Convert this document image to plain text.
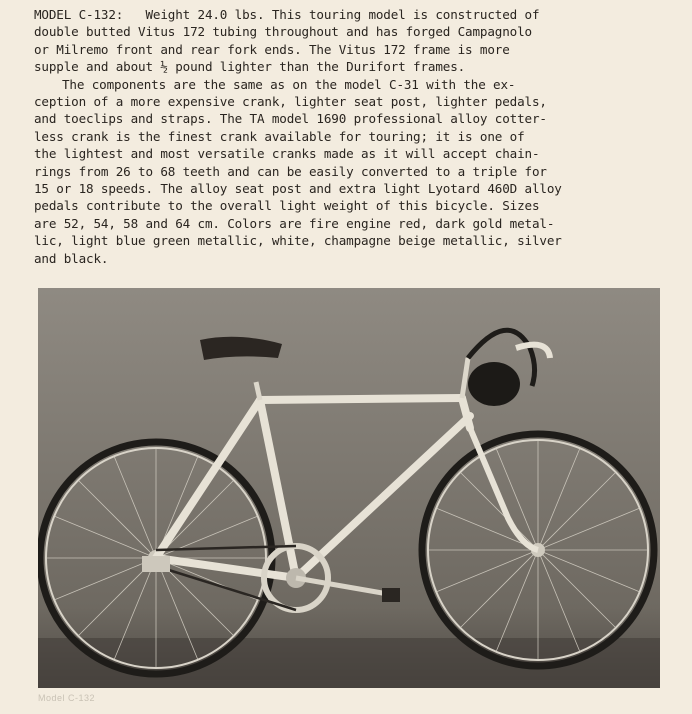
MODEL C-132:   Weight 24.0 lbs. This touring model is constructed of
double butted Vitus 172 tubing throughout and has forged Campagnolo
or Milremo front and rear fork ends. The Vitus 172 frame is more
supple and about ½ pound lighter than the Durifort frames.
The components are the same as on the model C-31 with the ex-
ception of a more expensive crank, lighter seat post, lighter pedals,
and toeclips and straps. The TA model 1690 professional alloy cotter-
less crank is the finest crank available for touring; it is one of
the lightest and most versatile cranks made as it will accept chain-
rings from 26 to 68 teeth and can be easily converted to a triple for
15 or 18 speeds. The alloy seat post and extra light Lyotard 460D alloy
pedals contribute to the overall light weight of this bicycle. Sizes
are 52, 54, 58 and 64 cm. Colors are fire engine red, dark gold metal-
lic, light blue green metallic, white, champagne beige metallic, silver
and black.
Model C-132
